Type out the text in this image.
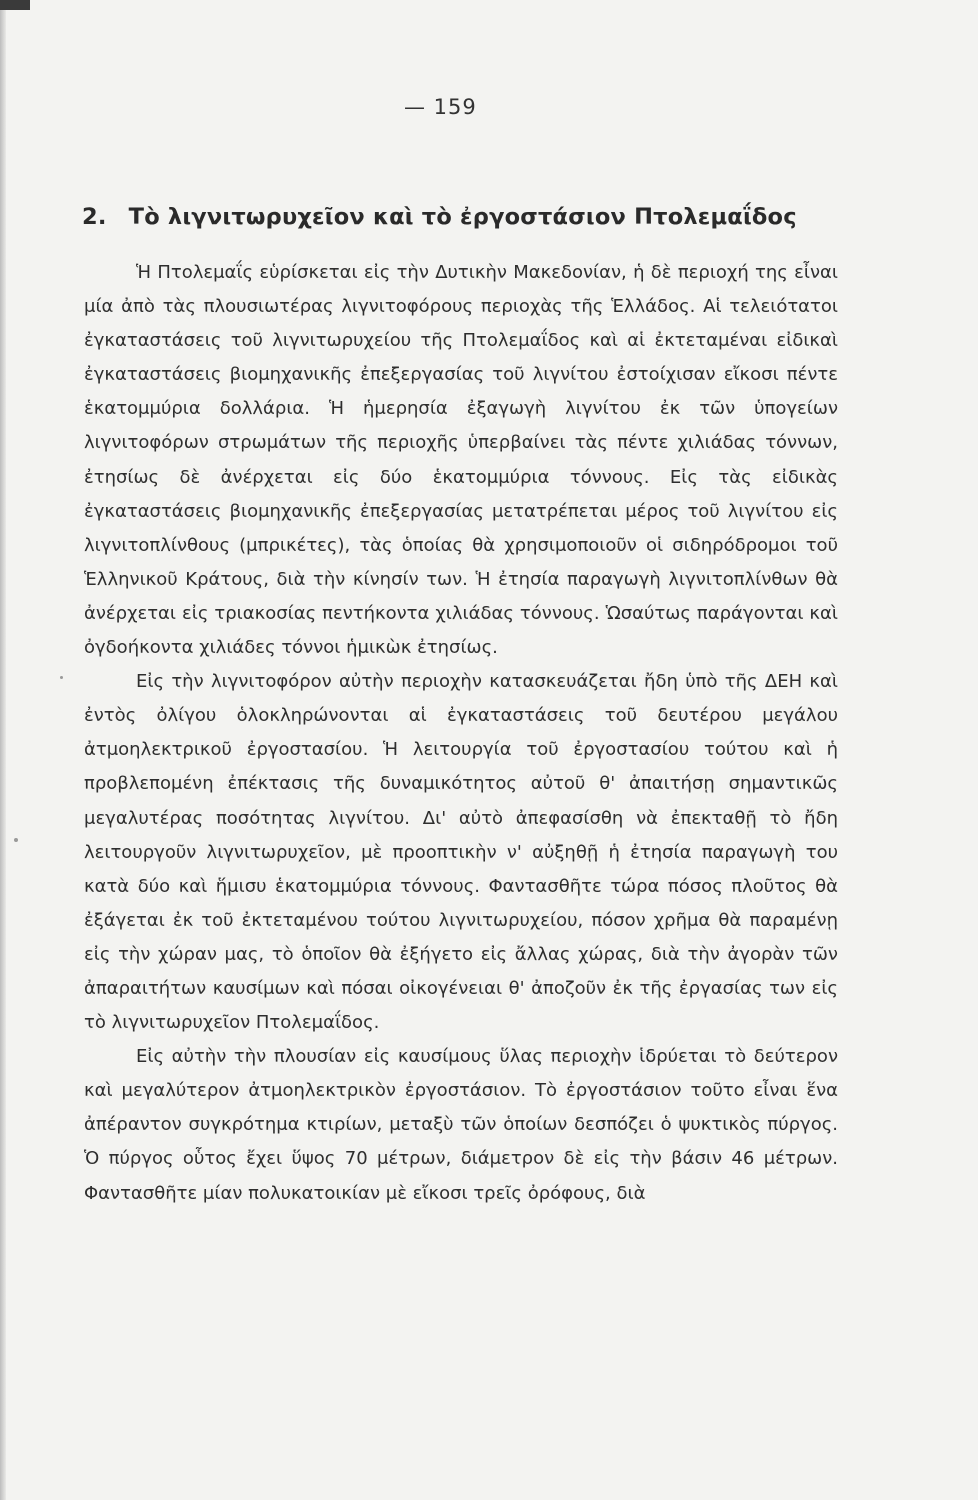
— 159
2. Τὸ λιγνιτωρυχεῖον καὶ τὸ ἐργοστάσιον Πτολεμαΐδος

Ἡ Πτολεμαΐς εὑρίσκεται εἰς τὴν Δυτικὴν Μακεδονίαν, ἡ δὲ περιοχή της εἶναι μία ἀπὸ τὰς πλουσιωτέρας λιγνιτοφόρους περιοχὰς τῆς Ἑλλάδος. Αἱ τελειότατοι ἐγκαταστάσεις τοῦ λιγνιτωρυχείου τῆς Πτολεμαΐδος καὶ αἱ ἐκτεταμέναι εἰδικαὶ ἐγκαταστάσεις βιομηχανικῆς ἐπεξεργασίας τοῦ λιγνίτου ἐστοίχισαν εἴκοσι πέντε ἑκατομμύρια δολλάρια. Ἡ ἡμερησία ἐξαγωγὴ λιγνίτου ἐκ τῶν ὑπογείων λιγνιτοφόρων στρωμάτων τῆς περιοχῆς ὑπερβαίνει τὰς πέντε χιλιάδας τόννων, ἐτησίως δὲ ἀνέρχεται εἰς δύο ἑκατομμύρια τόννους. Εἰς τὰς εἰδικὰς ἐγκαταστάσεις βιομηχανικῆς ἐπεξεργασίας μετατρέπεται μέρος τοῦ λιγνίτου εἰς λιγνιτοπλίνθους (μπρικέτες), τὰς ὁποίας θὰ χρησιμοποιοῦν οἱ σιδηρόδρομοι τοῦ Ἑλληνικοῦ Κράτους, διὰ τὴν κίνησίν των. Ἡ ἐτησία παραγωγὴ λιγνιτοπλίνθων θὰ ἀνέρχεται εἰς τριακοσίας πεντήκοντα χιλιάδας τόννους. Ὡσαύτως παράγονται καὶ ὀγδοήκοντα χιλιάδες τόννοι ἡμικὼκ ἐτησίως.

Εἰς τὴν λιγνιτοφόρον αὐτὴν περιοχὴν κατασκευάζεται ἤδη ὑπὸ τῆς ΔΕΗ καὶ ἐντὸς ὀλίγου ὁλοκληρώνονται αἱ ἐγκαταστάσεις τοῦ δευτέρου μεγάλου ἀτμοηλεκτρικοῦ ἐργοστασίου. Ἡ λειτουργία τοῦ ἐργοστασίου τούτου καὶ ἡ προβλεπομένη ἐπέκτασις τῆς δυναμικότητος αὐτοῦ θ' ἀπαιτήσῃ σημαντικῶς μεγαλυτέρας ποσότητας λιγνίτου. Δι' αὐτὸ ἀπεφασίσθη νὰ ἐπεκταθῇ τὸ ἤδη λειτουργοῦν λιγνιτωρυχεῖον, μὲ προοπτικὴν ν' αὐξηθῇ ἡ ἐτησία παραγωγὴ του κατὰ δύο καὶ ἥμισυ ἑκατομμύρια τόννους. Φαντασθῆτε τώρα πόσος πλοῦτος θὰ ἐξάγεται ἐκ τοῦ ἐκτεταμένου τούτου λιγνιτωρυχείου, πόσον χρῆμα θὰ παραμένῃ εἰς τὴν χώραν μας, τὸ ὁποῖον θὰ ἐξήγετο εἰς ἄλλας χώρας, διὰ τὴν ἀγορὰν τῶν ἀπαραιτήτων καυσίμων καὶ πόσαι οἰκογένειαι θ' ἀποζοῦν ἐκ τῆς ἐργασίας των εἰς τὸ λιγνιτωρυχεῖον Πτολεμαΐδος.

Εἰς αὐτὴν τὴν πλουσίαν εἰς καυσίμους ὕλας περιοχὴν ἱδρύεται τὸ δεύτερον καὶ μεγαλύτερον ἀτμοηλεκτρικὸν ἐργοστάσιον. Τὸ ἐργοστάσιον τοῦτο εἶναι ἕνα ἀπέραντον συγκρότημα κτιρίων, μεταξὺ τῶν ὁποίων δεσπόζει ὁ ψυκτικὸς πύργος. Ὁ πύργος οὗτος ἔχει ὕψος 70 μέτρων, διάμετρον δὲ εἰς τὴν βάσιν 46 μέτρων. Φαντασθῆτε μίαν πολυκατοικίαν μὲ εἴκοσι τρεῖς ὀρόφους, διὰ
